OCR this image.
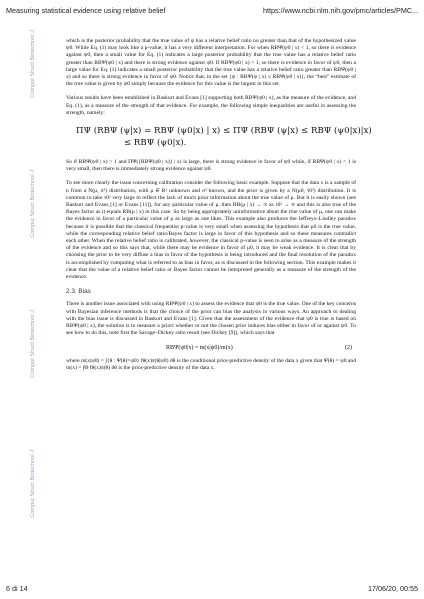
Measuring statistical evidence using relative belief	https://www.ncbi.nlm.nih.gov/pmc/articles/PMC...
Comput Struct Biotechnol J
Comput Struct Biotechnol J
Comput Struct Biotechnol J
Comput Struct Biotechnol J

which is the posterior probability that the true value of ψ has a relative belief ratio no greater than that of the hypothesized value ψ0. While Eq. (1) may look like a p-value, it has a very different interpretation. For when RBΨ(ψ0 | x) < 1, so there is evidence against ψ0, then a small value for Eq. (1) indicates a large posterior probability that the true value has a relative belief ratio greater than RBΨ(ψ0 | x) and there is strong evidence against ψ0. If RBΨ(ψ0 | x) > 1, so there is evidence in favor of ψ0, then a large value for Eq. (1) indicates a small posterior probability that the true value has a relative belief ratio greater than RBΨ(ψ0 | x) and so there is strong evidence in favor of ψ0. Notice that, in the set {ψ : RBΨ(ψ | x) ≤ RBΨ(ψ0 | x)}, the “best” estimate of the true value is given by ψ0 simply because the evidence for this value is the largest in this set.

Various results have been established in Baskurt and Evans [1] supporting both RBΨ(ψ0 | x), as the measure of the evidence, and Eq. (1), as a measure of the strength of that evidence. For example, the following simple inequalities are useful in assessing the strength, namely:

ΠΨ (RBΨ (ψ|x) = RBΨ (ψ0|x) | x) ≤ ΠΨ (RBΨ (ψ|x) ≤ RBΨ (ψ0|x)|x)
≤ RBΨ (ψ0|x).

So if RBΨ(ψ0 | x) > 1 and ΠΨ({RBΨ(ψ0 | x)} | x) is large, there is strong evidence in favor of ψ0 while, if RBΨ(ψ0 | x) < 1 is very small, then there is immediately strong evidence against ψ0.

To see more clearly the issue concerning calibration consider the following basic example. Suppose that the data x is a sample of n from a N(μ, σ²) distribution, with μ ∈ R¹ unknown and σ² known, and the prior is given by a N(μ0, τ0²) distribution. It is common to take τ0² very large to reflect the lack of much prior information about the true value of μ. But it is easily shown (see Baskurt and Evans [1] or Evans [11]), for any particular value of μ, then RB(μ | x) → ∞ as τ0² → ∞ and this is also true of the Bayes factor as it equals RB(μ | x) in this case. So by being appropriately uninformative about the true value of μ, one can make the evidence in favor of a particular value of μ as large as one likes. This example also produces the Jeffreys–Lindley paradox because it is possible that the classical frequentist p-value is very small when assessing the hypothesis that μ0 is the true value, while the corresponding relative belief ratio/Bayes factor is large in favor of this hypothesis and so these measures contradict each other. When the relative belief ratio is calibrated, however, the classical p-value is seen to arise as a measure of the strength of the evidence and so this says that, while there may be evidence in favor of μ0, it may be weak evidence. It is clear that by choosing the prior to be very diffuse a bias in favor of the hypothesis is being introduced and the final resolution of the paradox is accomplished by computing what is referred to as bias in favor, as is discussed in the following section. This example makes it clear that the value of a relative belief ratio or Bayes factor cannot be interpreted generally as a measure of the strength of the evidence.

2.3. Bias

There is another issue associated with using RBΨ(ψ0 | x) to assess the evidence that ψ0 is the true value. One of the key concerns with Bayesian inference methods is that the choice of the prior can bias the analysis in various ways. An approach to dealing with the bias issue is discussed in Baskurt and Evans [1]. Given that the assessment of the evidence that ψ0 is true is based on RBΨ(ψ0 | x), the solution is to measure a priori whether or not the chosen prior induces bias either in favor of or against ψ0. To see how to do this, note first the Savage–Dickey ratio result (see Dickey [9]), which says that

RBΨ(ψ0|x) = m(x|ψ0)/m(x)	(2)

where m(x|ψ0) = ∫{θ : Ψ(θ)=ψ0} fθ(x)π(θ|ψ0) dθ is the conditional prior-predictive density of the data x given that Ψ(θ) = ψ0 and m(x) = ∫Θ fθ(x)π(θ) dθ is the prior-predictive density of the data x.

6 di 14	17/06/20, 00:55
